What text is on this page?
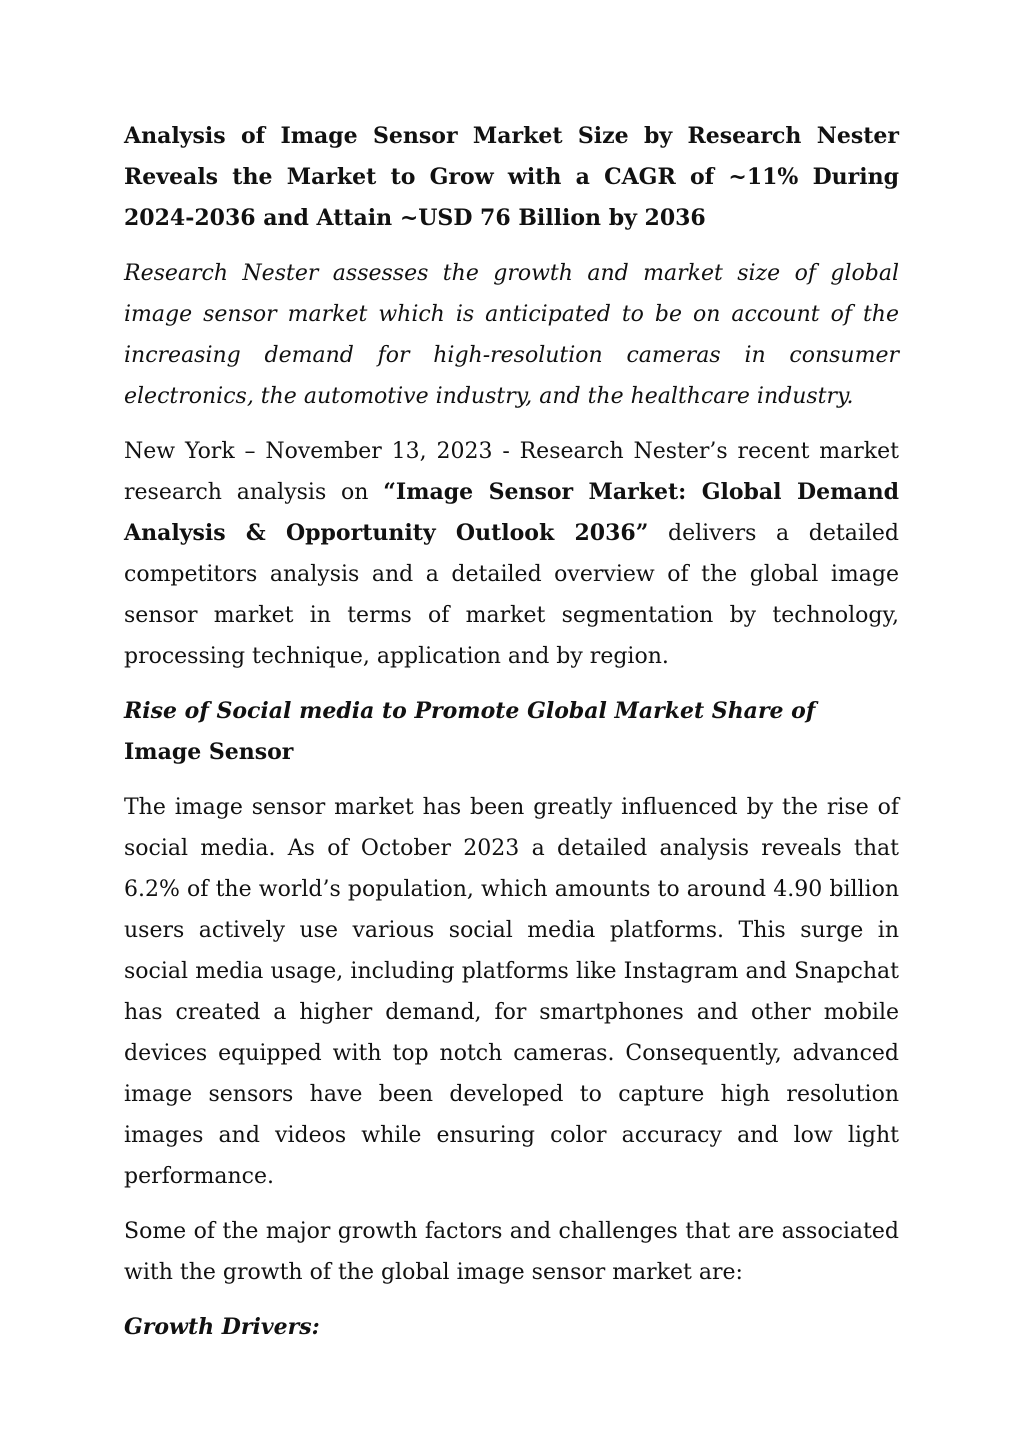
Analysis of Image Sensor Market Size by Research Nester Reveals the Market to Grow with a CAGR of ~11% During 2024-2036 and Attain ~USD 76 Billion by 2036

Research Nester assesses the growth and market size of global image sensor market which is anticipated to be on account of the increasing demand for high-resolution cameras in consumer electronics, the automotive industry, and the healthcare industry.

New York – November 13, 2023 - Research Nester’s recent market research analysis on “Image Sensor Market: Global Demand Analysis & Opportunity Outlook 2036” delivers a detailed competitors analysis and a detailed overview of the global image sensor market in terms of market segmentation by technology, processing technique, application and by region.

Rise of Social media to Promote Global Market Share of Image Sensor

The image sensor market has been greatly influenced by the rise of social media. As of October 2023 a detailed analysis reveals that 6.2% of the world’s population, which amounts to around 4.90 billion users actively use various social media platforms. This surge in social media usage, including platforms like Instagram and Snapchat has created a higher demand, for smartphones and other mobile devices equipped with top notch cameras. Consequently, advanced image sensors have been developed to capture high resolution images and videos while ensuring color accuracy and low light performance.

Some of the major growth factors and challenges that are associated with the growth of the global image sensor market are:

Growth Drivers:
